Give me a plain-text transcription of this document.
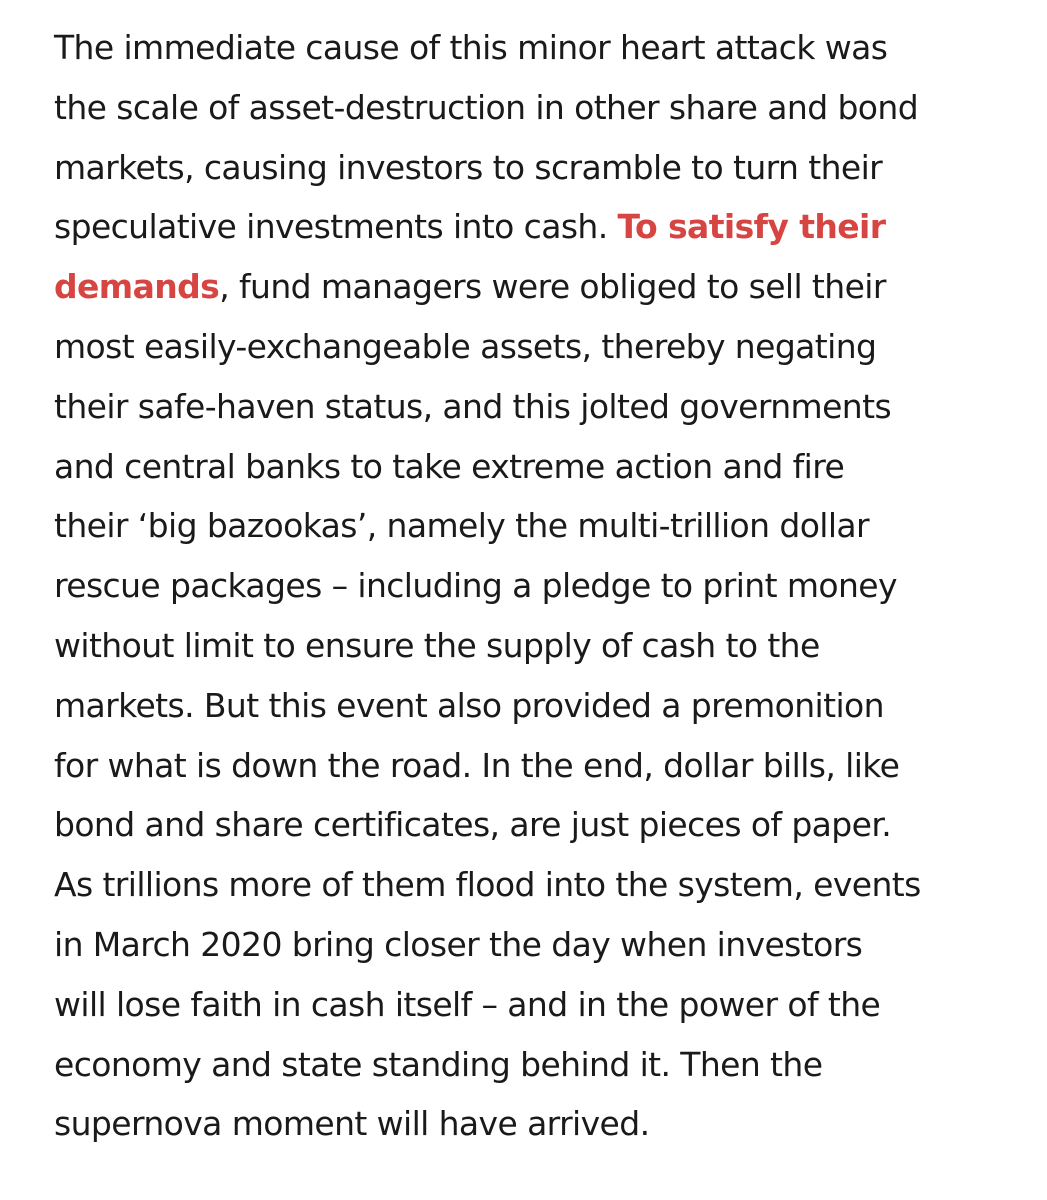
The immediate cause of this minor heart attack was
the scale of asset-destruction in other share and bond
markets, causing investors to scramble to turn their
speculative investments into cash. To satisfy their
demands, fund managers were obliged to sell their
most easily-exchangeable assets, thereby negating
their safe-haven status, and this jolted governments
and central banks to take extreme action and fire
their ‘big bazookas’, namely the multi-trillion dollar
rescue packages – including a pledge to print money
without limit to ensure the supply of cash to the
markets. But this event also provided a premonition
for what is down the road. In the end, dollar bills, like
bond and share certificates, are just pieces of paper.
As trillions more of them flood into the system, events
in March 2020 bring closer the day when investors
will lose faith in cash itself – and in the power of the
economy and state standing behind it. Then the
supernova moment will have arrived.
